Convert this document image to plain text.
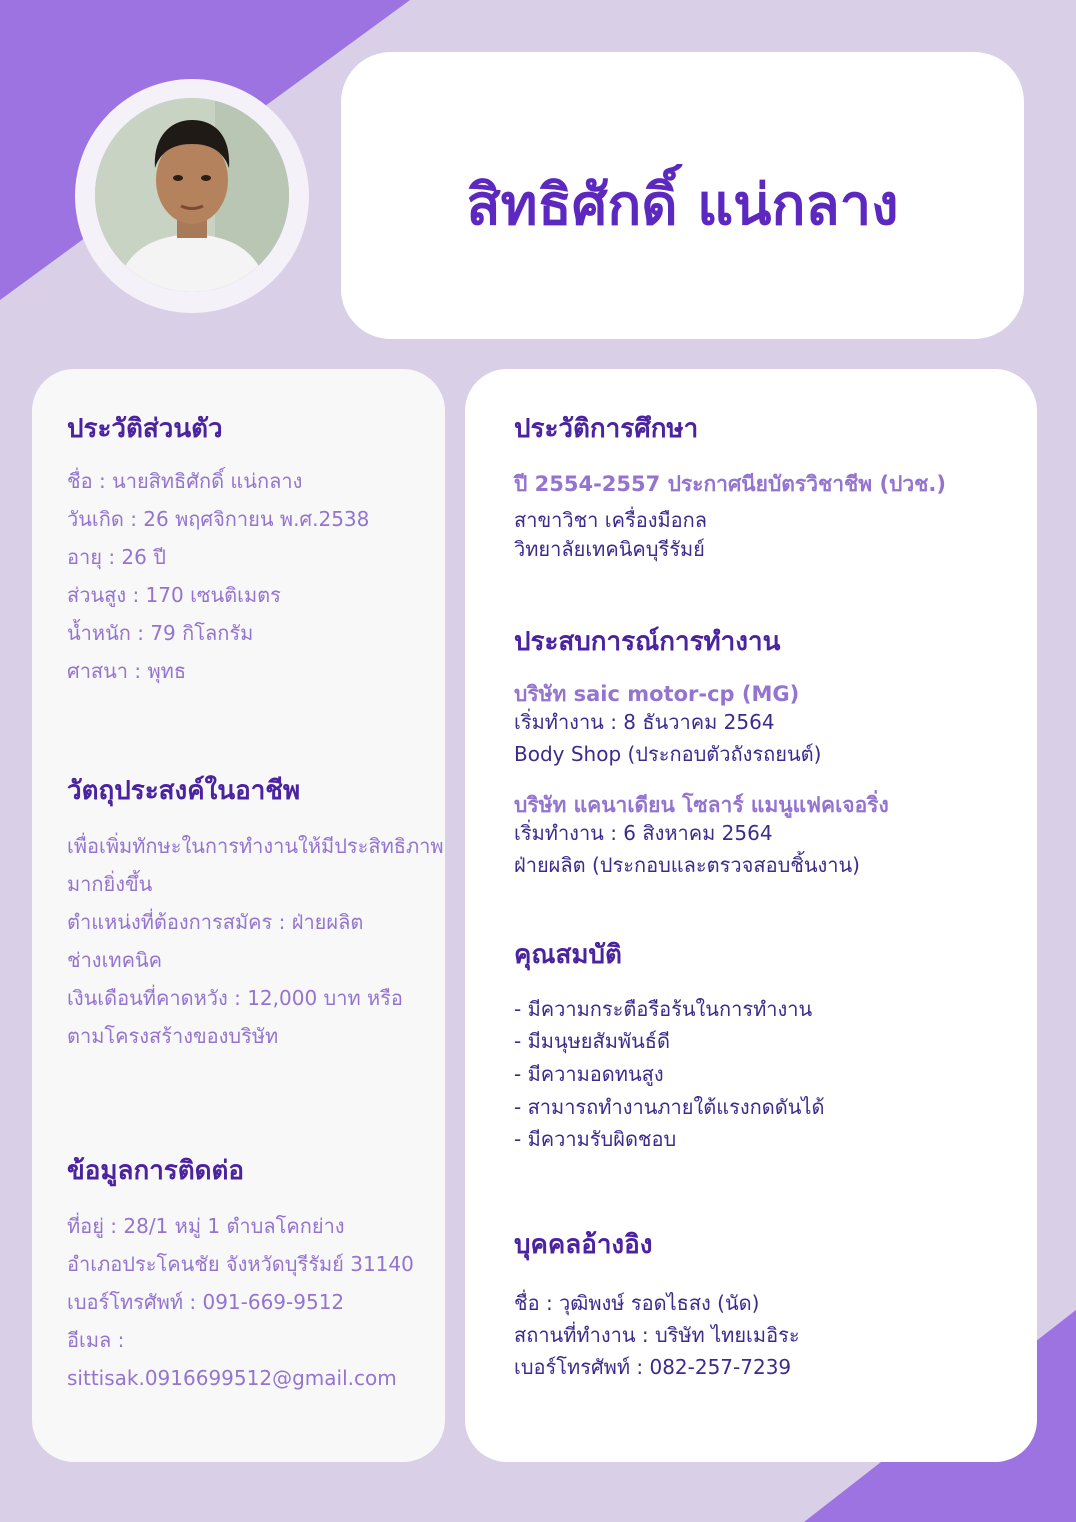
สิทธิศักดิ์ แน่กลาง
ประวัติส่วนตัว
ชื่อ : นายสิทธิศักดิ์ แน่กลาง
วันเกิด : 26 พฤศจิกายน พ.ศ.2538
อายุ : 26 ปี
ส่วนสูง : 170 เซนติเมตร
น้ำหนัก : 79 กิโลกรัม
ศาสนา : พุทธ
วัตถุประสงค์ในอาชีพ
เพื่อเพิ่มทักษะในการทำงานให้มีประสิทธิภาพ
มากยิ่งขึ้น
ตำแหน่งที่ต้องการสมัคร : ฝ่ายผลิต
ช่างเทคนิค
เงินเดือนที่คาดหวัง : 12,000 บาท หรือ
ตามโครงสร้างของบริษัท
ข้อมูลการติดต่อ
ที่อยู่ : 28/1 หมู่ 1 ตำบลโคกย่าง
อำเภอประโคนชัย จังหวัดบุรีรัมย์ 31140
เบอร์โทรศัพท์ : 091-669-9512
อีเมล :
sittisak.0916699512@gmail.com
ประวัติการศึกษา
ปี 2554-2557 ประกาศนียบัตรวิชาชีพ (ปวช.)
สาขาวิชา เครื่องมือกล
วิทยาลัยเทคนิคบุรีรัมย์
ประสบการณ์การทำงาน
บริษัท saic motor-cp (MG)
เริ่มทำงาน : 8 ธันวาคม 2564
Body Shop (ประกอบตัวถังรถยนต์)
บริษัท แคนาเดียน โซลาร์ แมนูแฟคเจอริ่ง
เริ่มทำงาน : 6 สิงหาคม 2564
ฝ่ายผลิต (ประกอบและตรวจสอบชิ้นงาน)
คุณสมบัติ
- มีความกระตือรือร้นในการทำงาน
- มีมนุษยสัมพันธ์ดี
- มีความอดทนสูง
- สามารถทำงานภายใต้แรงกดดันได้
- มีความรับผิดชอบ
บุคคลอ้างอิง
ชื่อ : วุฒิพงษ์ รอดไธสง (นัด)
สถานที่ทำงาน : บริษัท ไทยเมอิระ
เบอร์โทรศัพท์ : 082-257-7239
